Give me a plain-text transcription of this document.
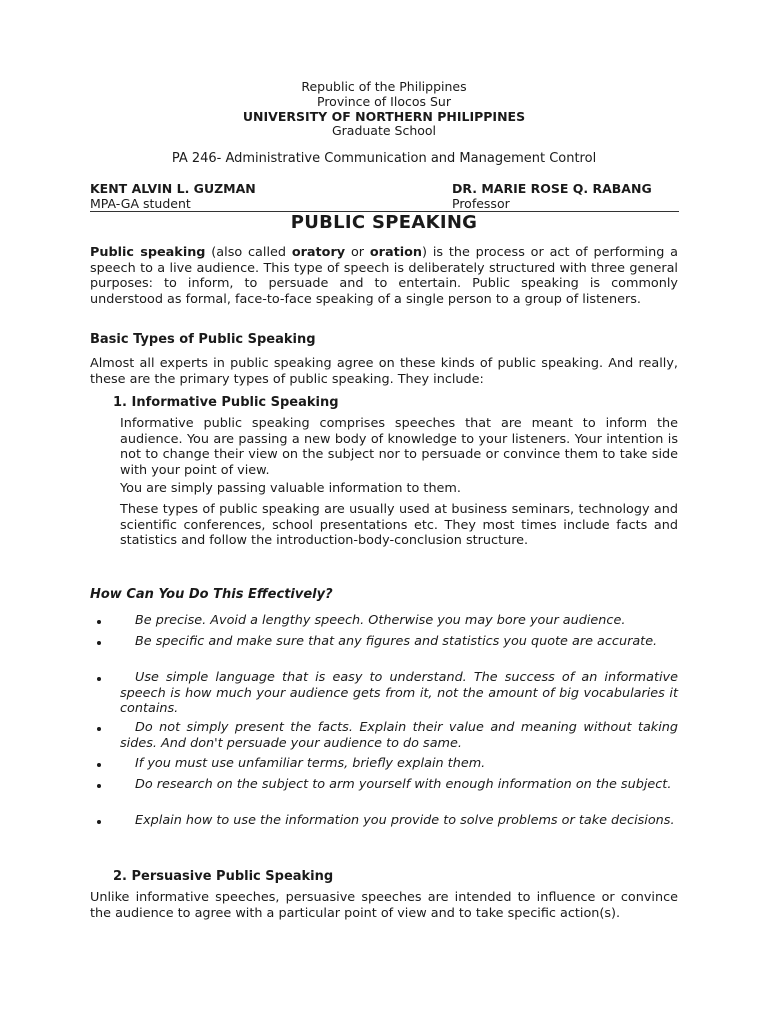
Republic of the Philippines
Province of Ilocos Sur
UNIVERSITY OF NORTHERN PHILIPPINES
Graduate School
PA 246- Administrative Communication and Management Control
KENT ALVIN L. GUZMAN
MPA-GA student
DR. MARIE ROSE Q. RABANG
Professor
PUBLIC SPEAKING
Public speaking (also called oratory or oration) is the process or act of performing a speech to a live audience. This type of speech is deliberately structured with three general purposes: to inform, to persuade and to entertain. Public speaking is commonly understood as formal, face-to-face speaking of a single person to a group of listeners.
Basic Types of Public Speaking
Almost all experts in public speaking agree on these kinds of public speaking. And really, these are the primary types of public speaking. They include:
1. Informative Public Speaking
Informative public speaking comprises speeches that are meant to inform the audience. You are passing a new body of knowledge to your listeners. Your intention is not to change their view on the subject nor to persuade or convince them to take side with your point of view.
You are simply passing valuable information to them.
These types of public speaking are usually used at business seminars, technology and scientific conferences, school presentations etc. They most times include facts and statistics and follow the introduction-body-conclusion structure.
How Can You Do This Effectively?
Be precise. Avoid a lengthy speech. Otherwise you may bore your audience.
Be specific and make sure that any figures and statistics you quote are accurate.
Use simple language that is easy to understand. The success of an informative speech is how much your audience gets from it, not the amount of big vocabularies it contains.
Do not simply present the facts. Explain their value and meaning without taking sides. And don't persuade your audience to do same.
If you must use unfamiliar terms, briefly explain them.
Do research on the subject to arm yourself with enough information on the subject.
Explain how to use the information you provide to solve problems or take decisions.
2. Persuasive Public Speaking
Unlike informative speeches, persuasive speeches are intended to influence or convince the audience to agree with a particular point of view and to take specific action(s).
